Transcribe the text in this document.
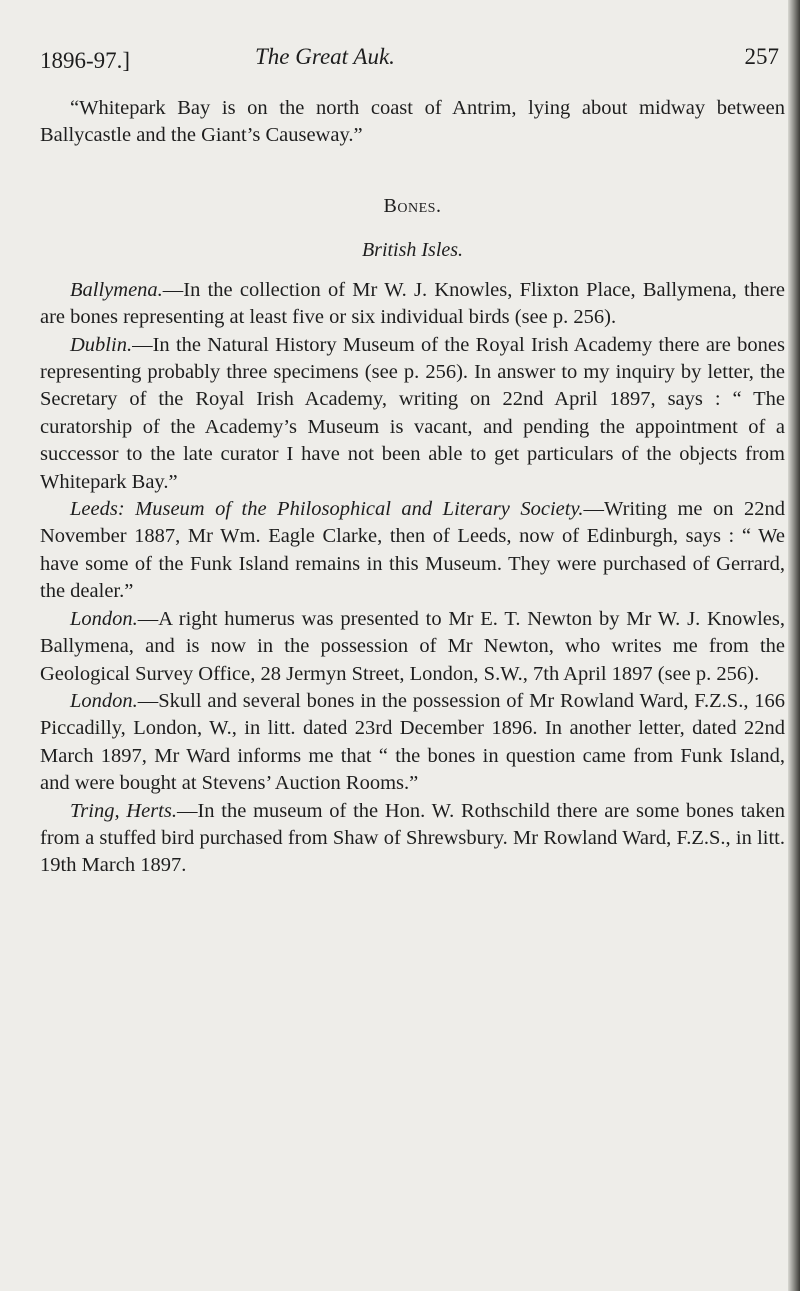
1896-97.]	The Great Auk.	257

“Whitepark Bay is on the north coast of Antrim, lying about midway between Ballycastle and the Giant’s Causeway.”

Bones.
British Isles.

Ballymena.—In the collection of Mr W. J. Knowles, Flixton Place, Ballymena, there are bones representing at least five or six individual birds (see p. 256).

Dublin.—In the Natural History Museum of the Royal Irish Academy there are bones representing probably three specimens (see p. 256). In answer to my inquiry by letter, the Secretary of the Royal Irish Academy, writing on 22nd April 1897, says : “ The curatorship of the Academy’s Museum is vacant, and pending the appointment of a successor to the late curator I have not been able to get particulars of the objects from Whitepark Bay.”

Leeds: Museum of the Philosophical and Literary Society.—Writing me on 22nd November 1887, Mr Wm. Eagle Clarke, then of Leeds, now of Edinburgh, says : “ We have some of the Funk Island remains in this Museum. They were purchased of Gerrard, the dealer.”

London.—A right humerus was presented to Mr E. T. Newton by Mr W. J. Knowles, Ballymena, and is now in the possession of Mr Newton, who writes me from the Geological Survey Office, 28 Jermyn Street, London, S.W., 7th April 1897 (see p. 256).

London.—Skull and several bones in the possession of Mr Rowland Ward, F.Z.S., 166 Piccadilly, London, W., in litt. dated 23rd December 1896. In another letter, dated 22nd March 1897, Mr Ward informs me that “ the bones in question came from Funk Island, and were bought at Stevens’ Auction Rooms.”

Tring, Herts.—In the museum of the Hon. W. Rothschild there are some bones taken from a stuffed bird purchased from Shaw of Shrewsbury. Mr Rowland Ward, F.Z.S., in litt. 19th March 1897.
